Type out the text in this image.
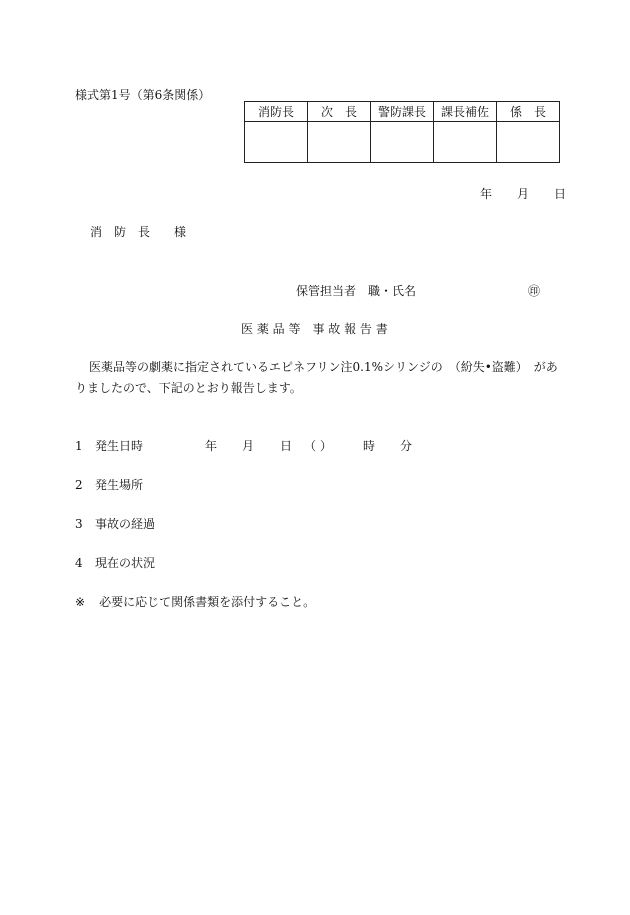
様式第1号（第6条関係）
消防長	次　長	警防課長	課長補佐	係　長

年 月 日
消　防　長 様
保管担当者　職・氏名	㊞
医 薬 品 等　事 故 報 告 書
医薬品等の劇薬に指定されているエピネフリン注0.1%シリンジの　（紛失•盗難）　がありましたので、下記のとおり報告します。
1 発生日時	年 月 日 （ ）	時 分
2 発生場所
3 事故の経過
4 現在の状況
※ 必要に応じて関係書類を添付すること。
